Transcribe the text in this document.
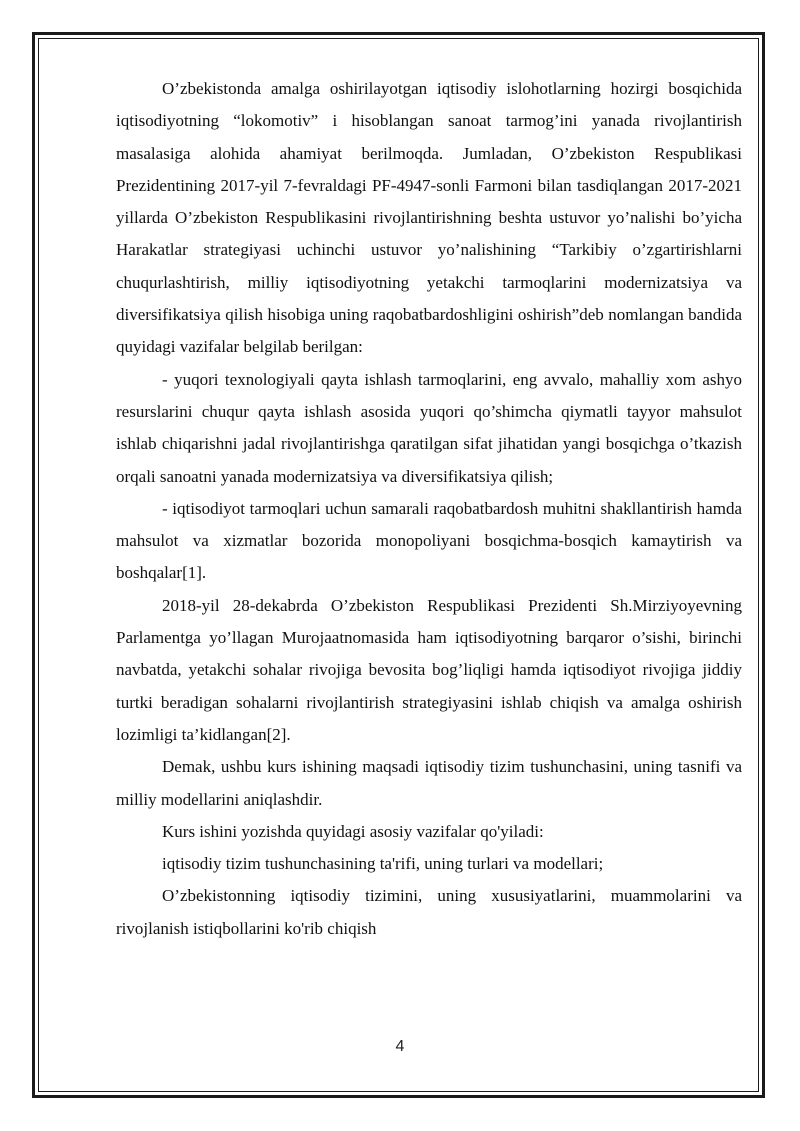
O’zbekistonda amalga oshirilayotgan iqtisodiy islohotlarning hozirgi bosqichida iqtisodiyotning “lokomotiv” i hisoblangan sanoat tarmog’ini yanada rivojlantirish masalasiga alohida ahamiyat berilmoqda. Jumladan, O’zbekiston Respublikasi Prezidentining 2017-yil 7-fevraldagi PF-4947-sonli Farmoni bilan tasdiqlangan 2017-2021 yillarda O’zbekiston Respublikasini rivojlantirishning beshta ustuvor yo’nalishi bo’yicha Harakatlar strategiyasi uchinchi ustuvor yo’nalishining “Tarkibiy o’zgartirishlarni chuqurlashtirish, milliy iqtisodiyotning yetakchi tarmoqlarini modernizatsiya va diversifikatsiya qilish hisobiga uning raqobatbardoshligini oshirish”deb nomlangan bandida quyidagi vazifalar belgilab berilgan:

- yuqori texnologiyali qayta ishlash tarmoqlarini, eng avvalo, mahalliy xom ashyo resurslarini chuqur qayta ishlash asosida yuqori qo’shimcha qiymatli tayyor mahsulot ishlab chiqarishni jadal rivojlantirishga qaratilgan sifat jihatidan yangi bosqichga o’tkazish orqali sanoatni yanada modernizatsiya va diversifikatsiya qilish;

- iqtisodiyot tarmoqlari uchun samarali raqobatbardosh muhitni shakllantirish hamda mahsulot va xizmatlar bozorida monopoliyani bosqichma-bosqich kamaytirish va boshqalar[1].

2018-yil 28-dekabrda O’zbekiston Respublikasi Prezidenti Sh.Mirziyoyevning Parlamentga yo’llagan Murojaatnomasida ham iqtisodiyotning barqaror o’sishi, birinchi navbatda, yetakchi sohalar rivojiga bevosita bog’liqligi hamda iqtisodiyot rivojiga jiddiy turtki beradigan sohalarni rivojlantirish strategiyasini ishlab chiqish va amalga oshirish lozimligi ta’kidlangan[2].

Demak, ushbu kurs ishining maqsadi iqtisodiy tizim tushunchasini, uning tasnifi va milliy modellarini aniqlashdir.

Kurs ishini yozishda quyidagi asosiy vazifalar qo'yiladi:

iqtisodiy tizim tushunchasining ta'rifi, uning turlari va modellari;

O’zbekistonning iqtisodiy tizimini, uning xususiyatlarini, muammolarini va rivojlanish istiqbollarini ko'rib chiqish

4
